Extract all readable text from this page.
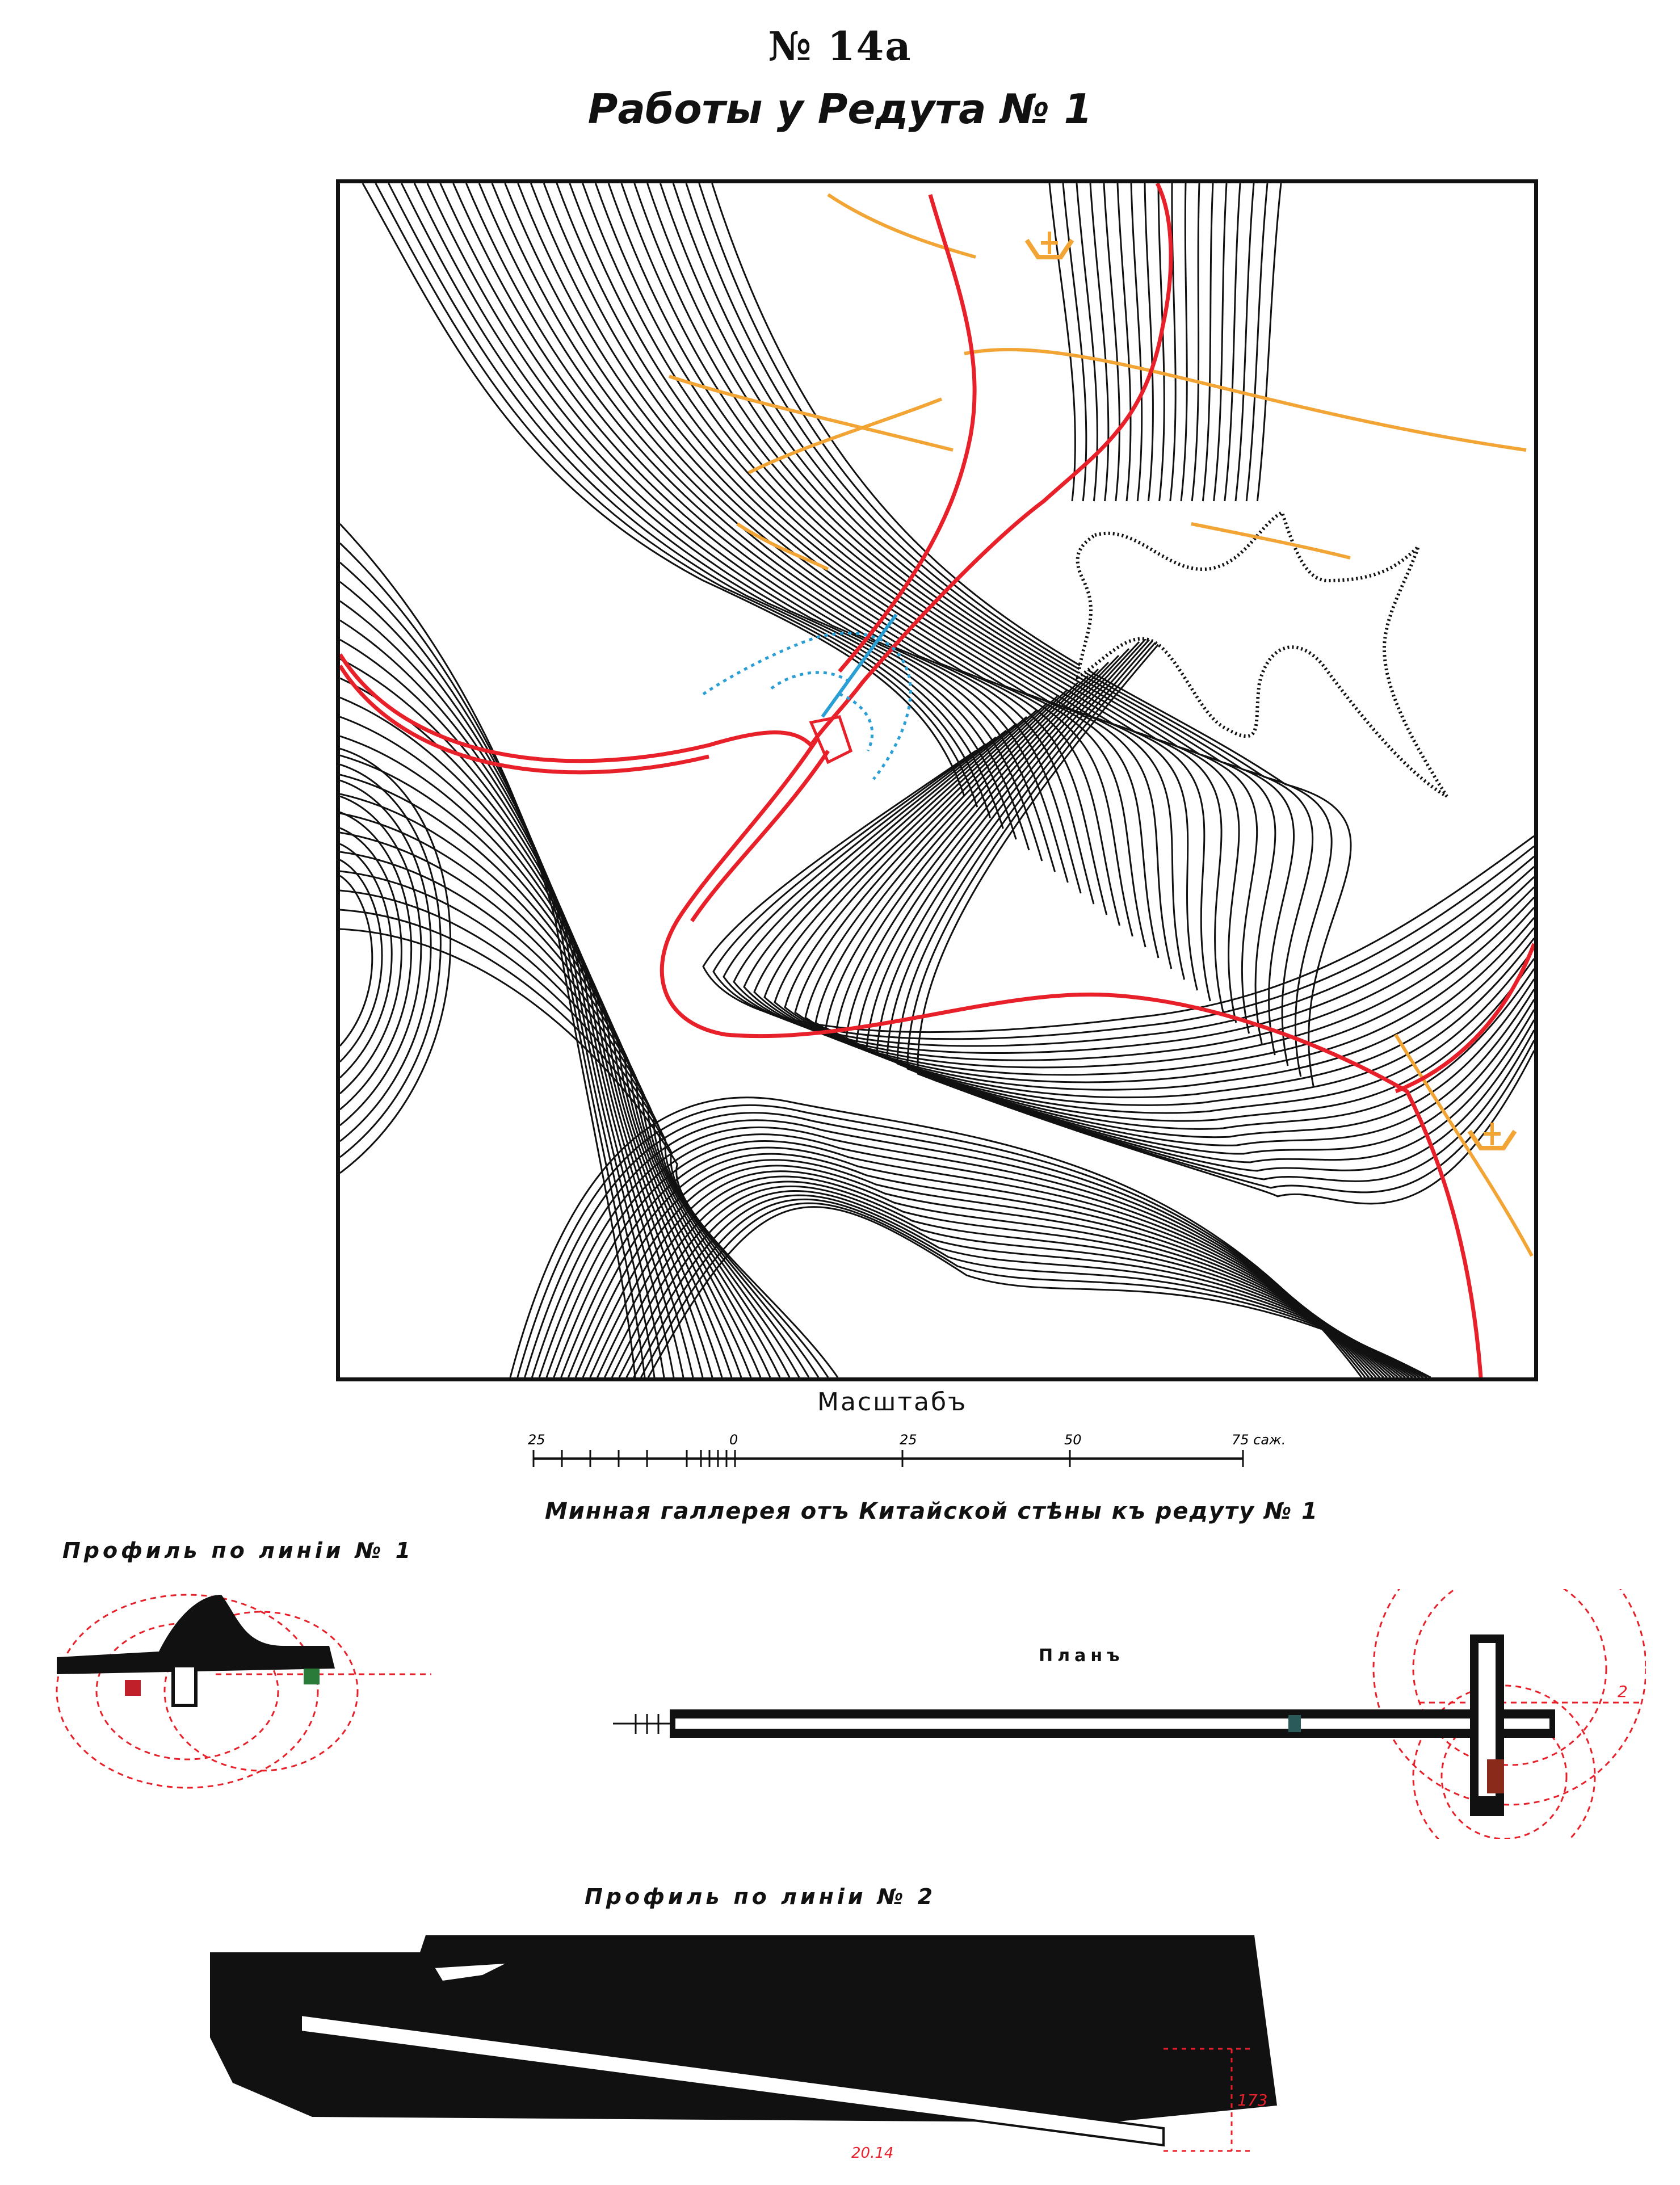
№ 14а
Работы у Редута № 1
Масштабъ
25	0	25	50	75 саж.
Минная галлерея отъ Китайской стѣны къ редуту № 1
Профиль по линіи № 1
Планъ
Профиль по линіи № 2
2
173
20.14
